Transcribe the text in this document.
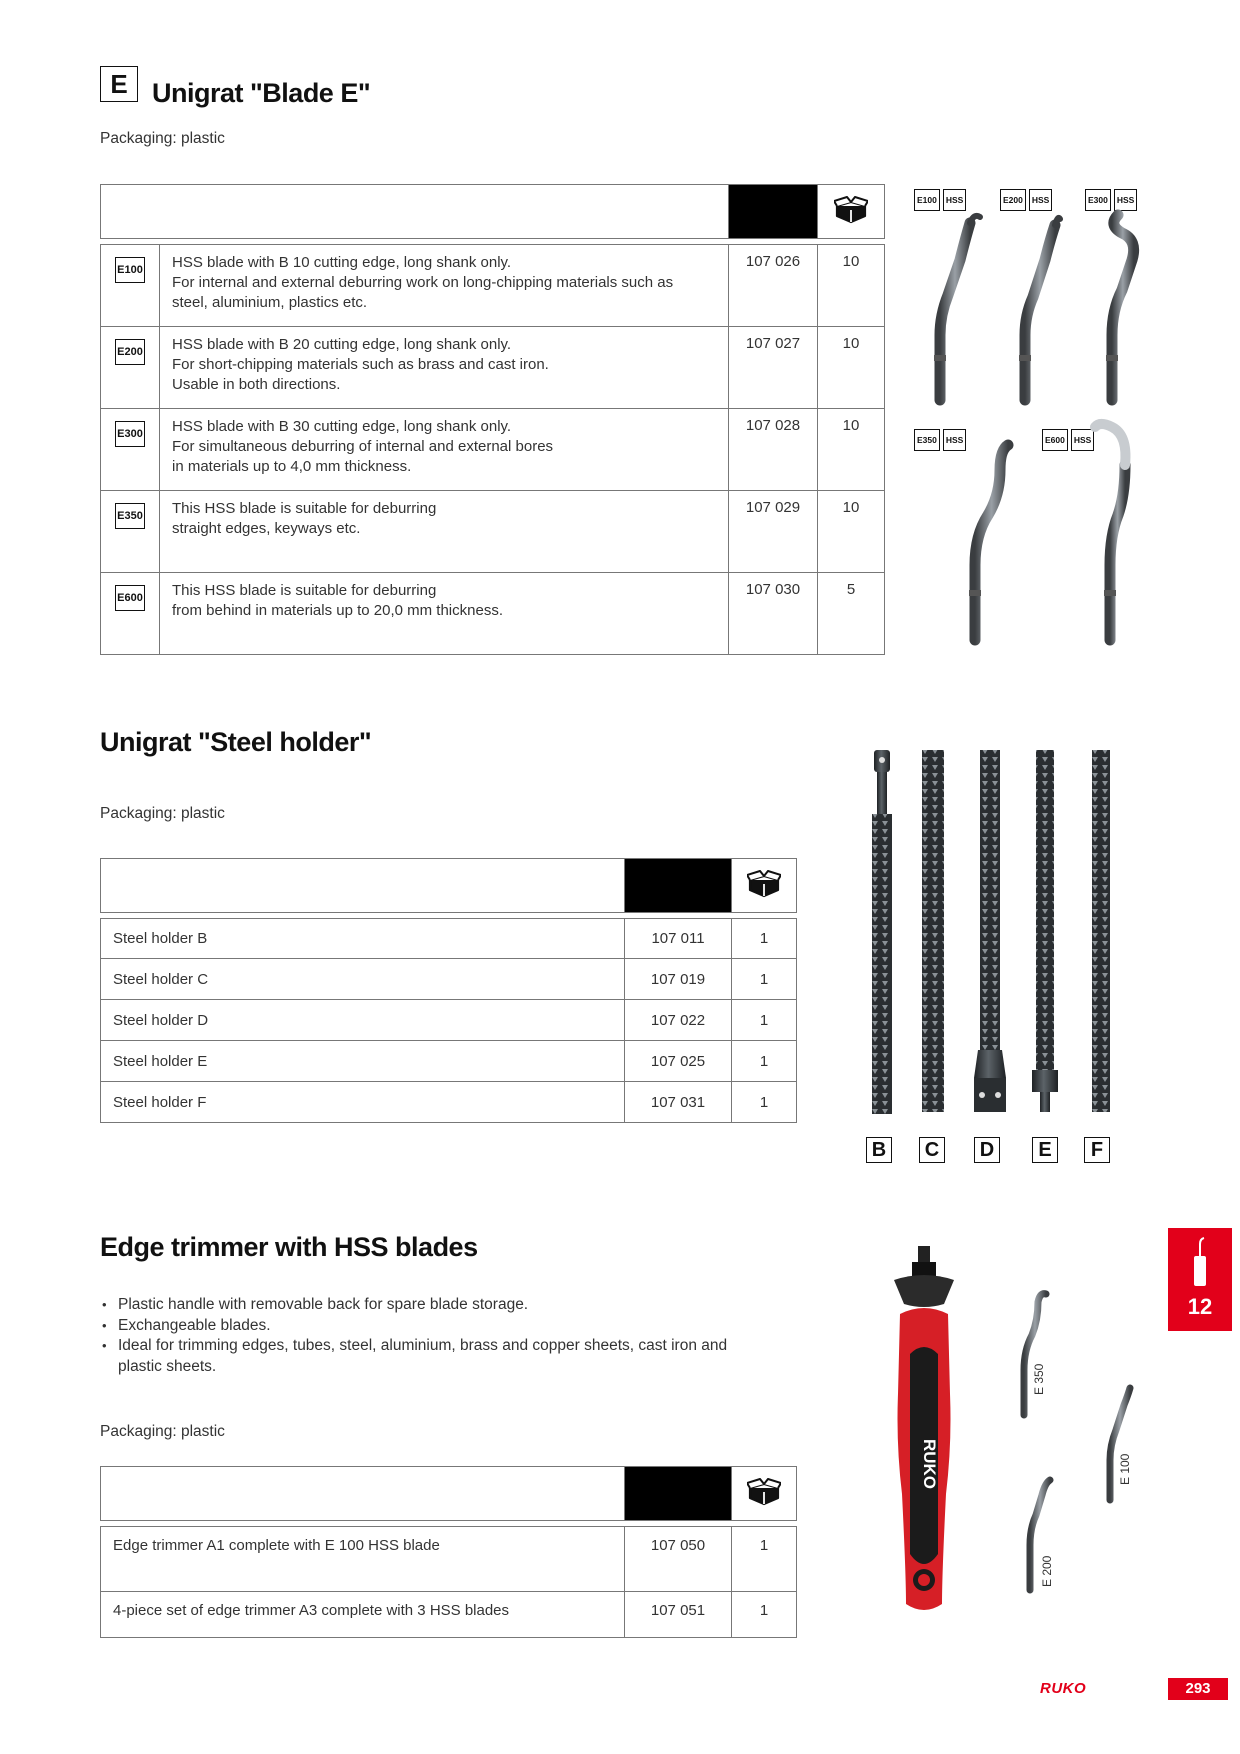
E Unigrat "Blade E"
Packaging: plastic

E100	HSS blade with B 10 cutting edge, long shank only.
For internal and external deburring work on long-chipping materials such as
steel, aluminium, plastics etc.	107 026	10
E200	HSS blade with B 20 cutting edge, long shank only.
For short-chipping materials such as brass and cast iron.
Usable in both directions.	107 027	10
E300	HSS blade with B 30 cutting edge, long shank only.
For simultaneous deburring of internal and external bores
in materials up to 4,0 mm thickness.	107 028	10
E350	This HSS blade is suitable for deburring
straight edges, keyways etc.	107 029	10
E600	This HSS blade is suitable for deburring
from behind in materials up to 20,0 mm thickness.	107 030	5
E100	HSS	E200	HSS	E300	HSS
E350	HSS	E600	HSS
Unigrat "Steel holder"
Packaging: plastic

Steel holder B	107 011	1
Steel holder C	107 019	1
Steel holder D	107 022	1
Steel holder E	107 025	1
Steel holder F	107 031	1
B C D	E	F
Edge trimmer with HSS blades
• Plastic handle with removable back for spare blade storage.
• Exchangeable blades.
• Ideal for trimming edges, tubes, steel, aluminium, brass and copper sheets, cast iron and plastic sheets.
Packaging: plastic

Edge trimmer A1 complete with E 100 HSS blade	107 050	1
4-piece set of edge trimmer A3 complete with 3 HSS blades	107 051	1
RUKO
E 350
E 100
E 200
12
RUKO	293
